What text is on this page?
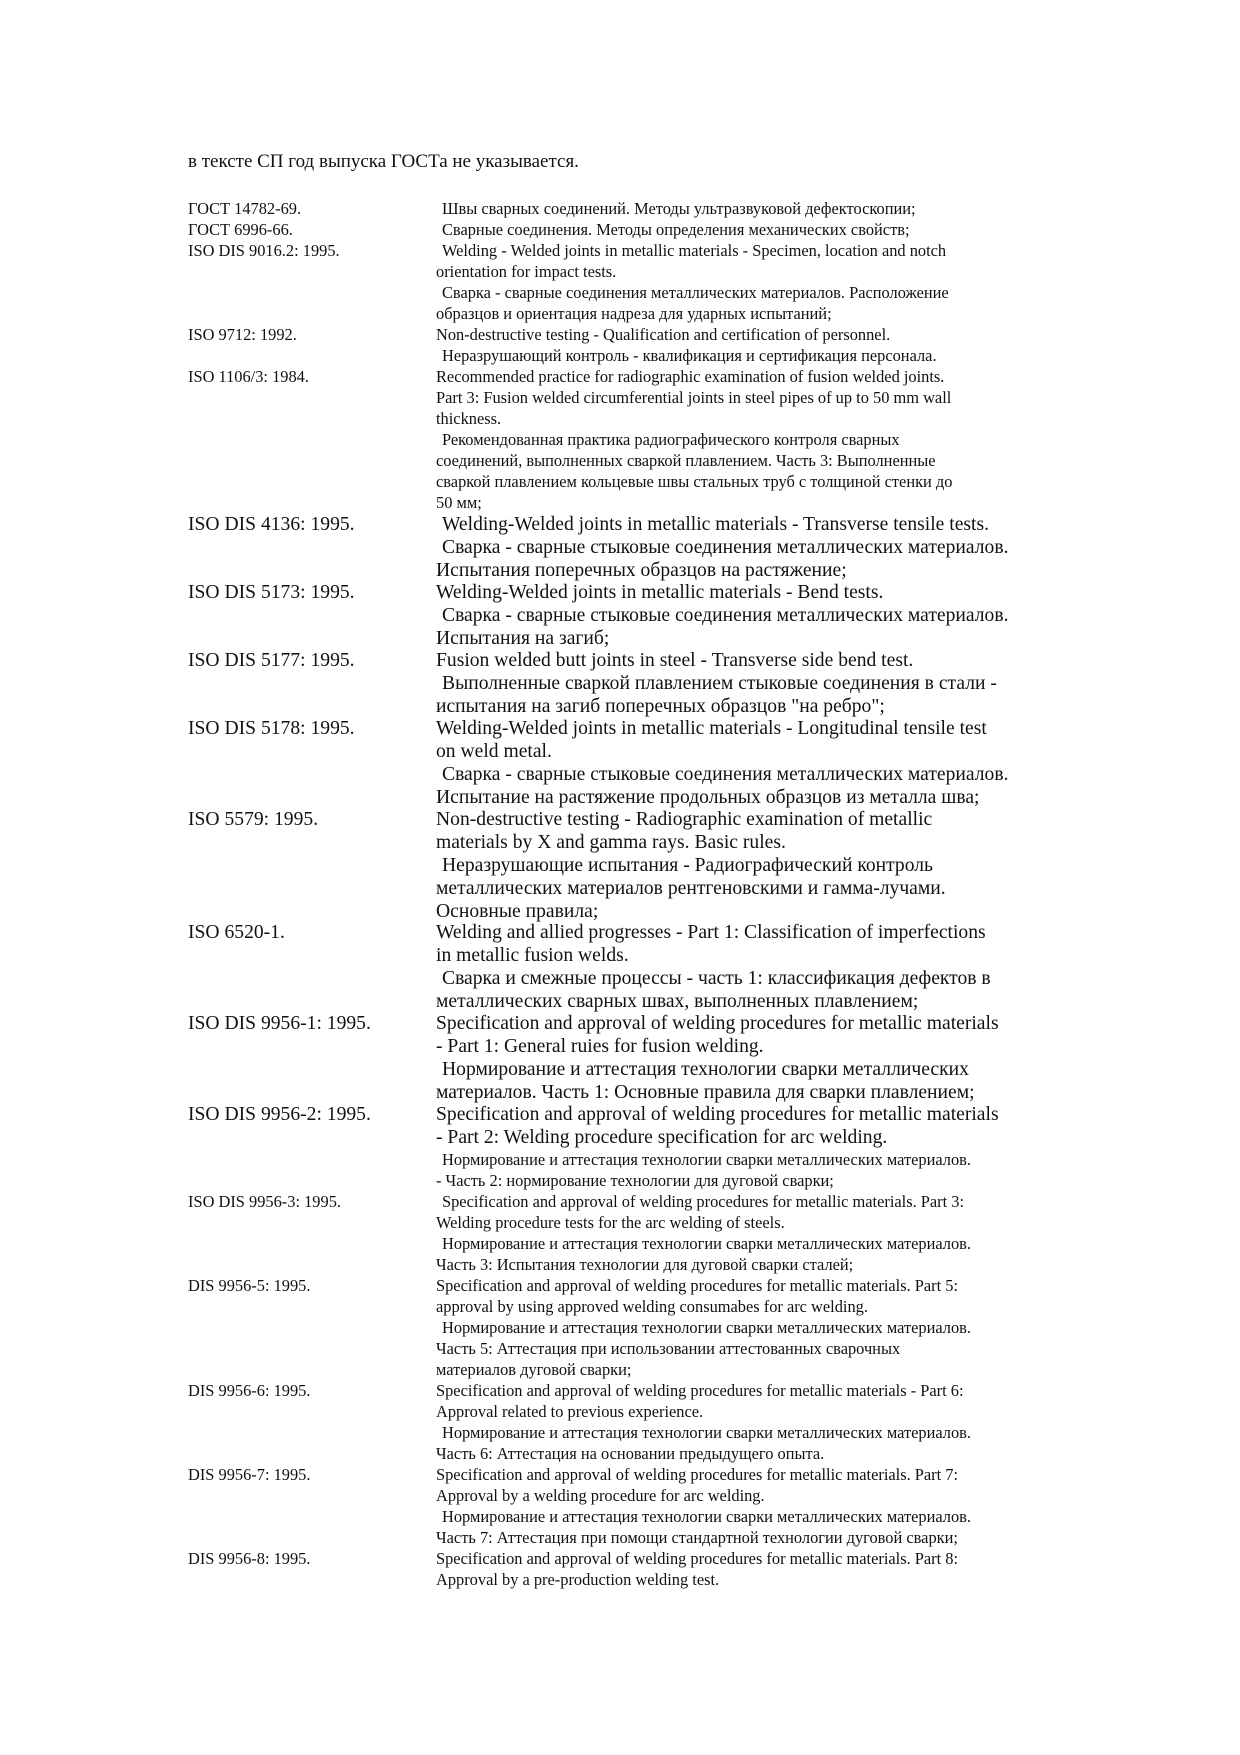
в тексте СП год выпуска ГОСТа не указывается.
ГОСТ 14782-69.	Швы сварных соединений. Методы ультразвуковой дефектоскопии;

ГОСТ 6996-66.	Сварные соединения. Методы определения механических свойств;

ISO DIS 9016.2: 1995.	Welding - Welded joints in metallic materials - Specimen, location and notch

orientation for impact tests.

Сварка - сварные соединения металлических материалов. Расположение

образцов и ориентация надреза для ударных испытаний;

ISO 9712: 1992.	Non-destructive testing - Qualification and certification of personnel.

Неразрушающий контроль - квалификация и сертификация персонала.

ISO 1106/3: 1984.	Recommended practice for radiographic examination of fusion welded joints.

Part 3: Fusion welded circumferential joints in steel pipes of up to 50 mm wall

thickness.

Рекомендованная практика радиографического контроля сварных

соединений, выполненных сваркой плавлением. Часть 3: Выполненные

сваркой плавлением кольцевые швы стальных труб с толщиной стенки до

50 мм;

ISO DIS 4136: 1995.	Welding-Welded joints in metallic materials - Transverse tensile tests.

Сварка - сварные стыковые соединения металлических материалов.

Испытания поперечных образцов на растяжение;

ISO DIS 5173: 1995.	Welding-Welded joints in metallic materials - Bend tests.

Сварка - сварные стыковые соединения металлических материалов.

Испытания на загиб;

ISO DIS 5177: 1995.	Fusion welded butt joints in steel - Transverse side bend test.

Выполненные сваркой плавлением стыковые соединения в стали -

испытания на загиб поперечных образцов "на ребро";

ISO DIS 5178: 1995.	Welding-Welded joints in metallic materials - Longitudinal tensile test

on weld metal.

Сварка - сварные стыковые соединения металлических материалов.

Испытание на растяжение продольных образцов из металла шва;

ISO 5579: 1995.	Non-destructive testing - Radiographic examination of metallic

materials by X and gamma rays. Basic rules.

Неразрушающие испытания - Радиографический контроль

металлических материалов рентгеновскими и гамма-лучами.

Основные правила;

ISO 6520-1.	Welding and allied progresses - Part 1: Classification of imperfections

in metallic fusion welds.

Сварка и смежные процессы - часть 1: классификация дефектов в

металлических сварных швах, выполненных плавлением;

ISO DIS 9956-1: 1995.	Specification and approval of welding procedures for metallic materials

- Part 1: General ruies for fusion welding.

Нормирование и аттестация технологии сварки металлических

материалов. Часть 1: Основные правила для сварки плавлением;

ISO DIS 9956-2: 1995.	Specification and approval of welding procedures for metallic materials

- Part 2: Welding procedure specification for arc welding.

Нормирование и аттестация технологии сварки металлических материалов.

- Часть 2: нормирование технологии для дуговой сварки;

ISO DIS 9956-3: 1995.	Specification and approval of welding procedures for metallic materials. Part 3:

Welding procedure tests for the arc welding of steels.

Нормирование и аттестация технологии сварки металлических материалов.

Часть 3: Испытания технологии для дуговой сварки сталей;

DIS 9956-5: 1995.	Specification and approval of welding procedures for metallic materials. Part 5:

approval by using approved welding consumabes for arc welding.

Нормирование и аттестация технологии сварки металлических материалов.

Часть 5: Аттестация при использовании аттестованных сварочных

материалов дуговой сварки;

DIS 9956-6: 1995.	Specification and approval of welding procedures for metallic materials - Part 6:

Approval related to previous experience.

Нормирование и аттестация технологии сварки металлических материалов.

Часть 6: Аттестация на основании предыдущего опыта.

DIS 9956-7: 1995.	Specification and approval of welding procedures for metallic materials. Part 7:

Approval by a welding procedure for arc welding.

Нормирование и аттестация технологии сварки металлических материалов.

Часть 7: Аттестация при помощи стандартной технологии дуговой сварки;

DIS 9956-8: 1995.	Specification and approval of welding procedures for metallic materials. Part 8:

Approval by a pre-production welding test.
